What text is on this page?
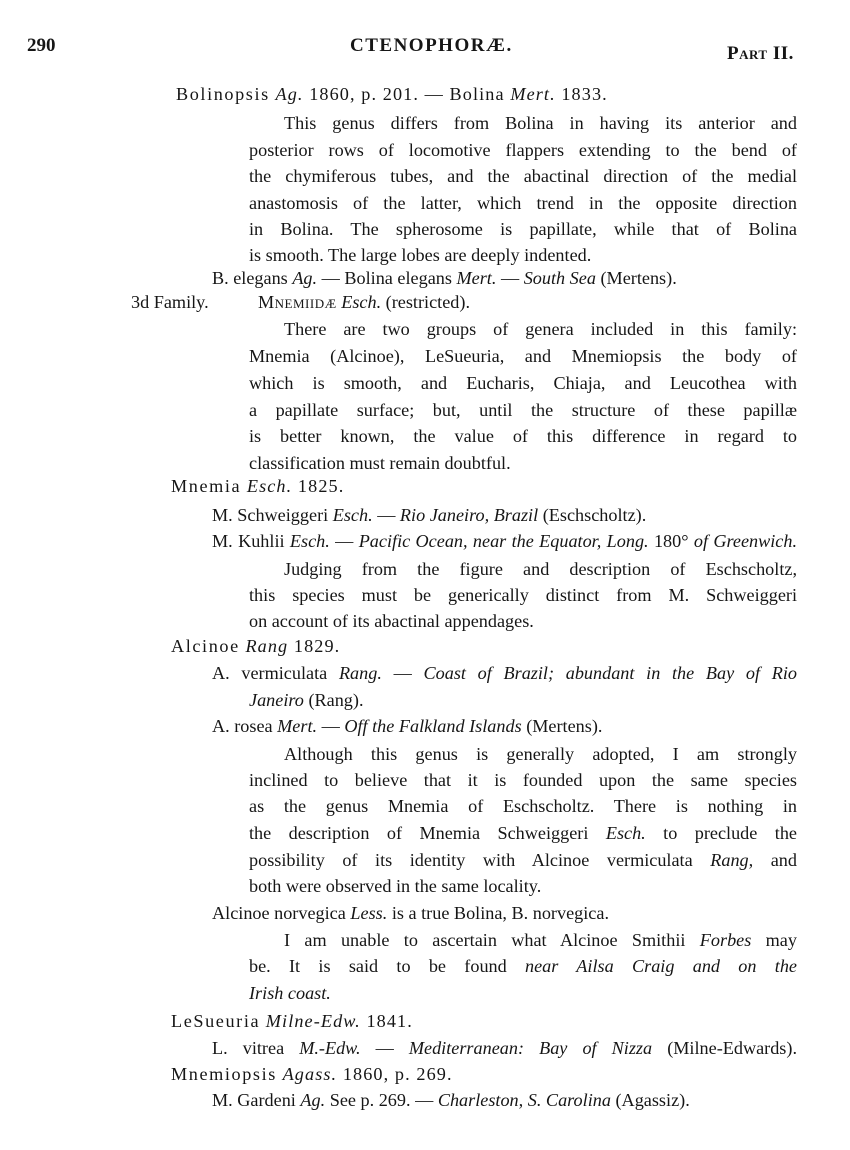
290	CTENOPHORÆ.	Part II.
Bolinopsis Ag. 1860, p. 201. — Bolina Mert. 1833.
This genus differs from Bolina in having its anterior and
posterior rows of locomotive flappers extending to the bend of
the chymiferous tubes, and the abactinal direction of the medial
anastomosis of the latter, which trend in the opposite direction
in Bolina. The spherosome is papillate, while that of Bolina
is smooth. The large lobes are deeply indented.
B. elegans Ag. — Bolina elegans Mert. — South Sea (Mertens).
3d Family.	Mnemiidæ Esch. (restricted).
There are two groups of genera included in this family:
Mnemia (Alcinoe), LeSueuria, and Mnemiopsis the body of
which is smooth, and Eucharis, Chiaja, and Leucothea with
a papillate surface; but, until the structure of these papillæ
is better known, the value of this difference in regard to
classification must remain doubtful.
Mnemia Esch. 1825.
M. Schweiggeri Esch. — Rio Janeiro, Brazil (Eschscholtz).
M. Kuhlii Esch. — Pacific Ocean, near the Equator, Long. 180° of Greenwich.
Judging from the figure and description of Eschscholtz,
this species must be generically distinct from M. Schweiggeri
on account of its abactinal appendages.
Alcinoe Rang 1829.
A. vermiculata Rang. — Coast of Brazil; abundant in the Bay of Rio
Janeiro (Rang).
A. rosea Mert. — Off the Falkland Islands (Mertens).
Although this genus is generally adopted, I am strongly
inclined to believe that it is founded upon the same species
as the genus Mnemia of Eschscholtz. There is nothing in
the description of Mnemia Schweiggeri Esch. to preclude the
possibility of its identity with Alcinoe vermiculata Rang, and
both were observed in the same locality.
Alcinoe norvegica Less. is a true Bolina, B. norvegica.
I am unable to ascertain what Alcinoe Smithii Forbes may
be. It is said to be found near Ailsa Craig and on the
Irish coast.
LeSueuria Milne-Edw. 1841.
L. vitrea M.-Edw. — Mediterranean: Bay of Nizza (Milne-Edwards).
Mnemiopsis Agass. 1860, p. 269.
M. Gardeni Ag. See p. 269. — Charleston, S. Carolina (Agassiz).
